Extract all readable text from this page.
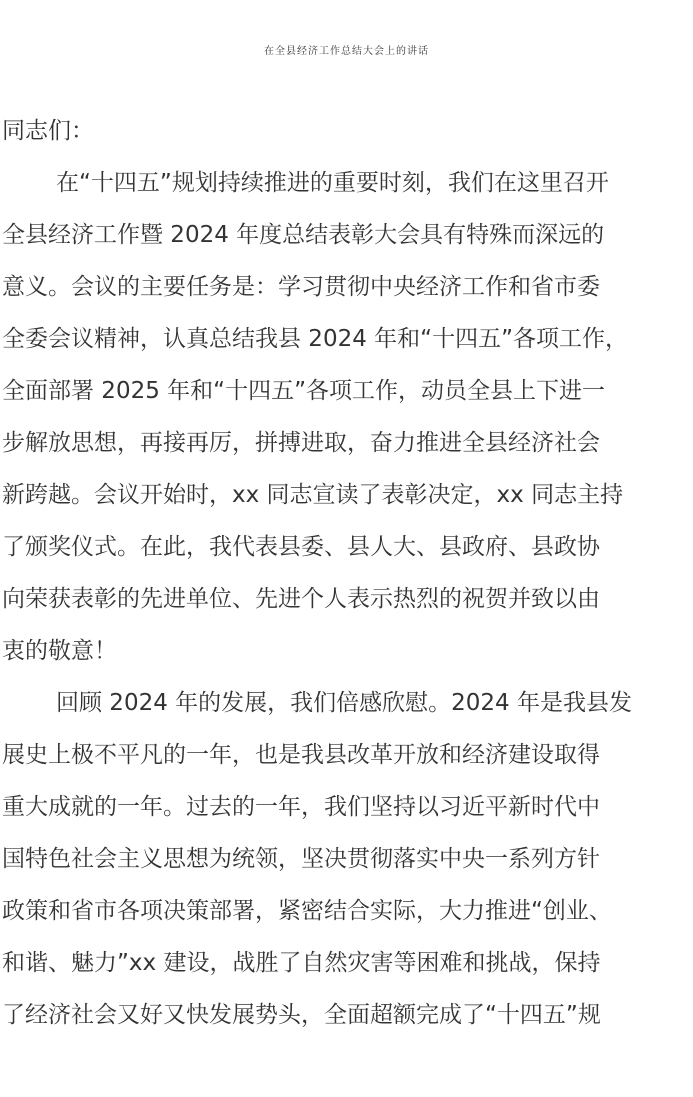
在全县经济工作总结大会上的讲话
同志们：
在“十四五”规划持续推进的重要时刻，我们在这里召开
全县经济工作暨 2024 年度总结表彰大会具有特殊而深远的
意义。会议的主要任务是：学习贯彻中央经济工作和省市委
全委会议精神，认真总结我县 2024 年和“十四五”各项工作，
全面部署 2025 年和“十四五”各项工作，动员全县上下进一
步解放思想，再接再厉，拼搏进取，奋力推进全县经济社会
新跨越。会议开始时，xx 同志宣读了表彰决定，xx 同志主持
了颁奖仪式。在此，我代表县委、县人大、县政府、县政协
向荣获表彰的先进单位、先进个人表示热烈的祝贺并致以由
衷的敬意！
回顾 2024 年的发展，我们倍感欣慰。2024 年是我县发
展史上极不平凡的一年，也是我县改革开放和经济建设取得
重大成就的一年。过去的一年，我们坚持以习近平新时代中
国特色社会主义思想为统领，坚决贯彻落实中央一系列方针
政策和省市各项决策部署，紧密结合实际，大力推进“创业、
和谐、魅力”xx 建设，战胜了自然灾害等困难和挑战，保持
了经济社会又好又快发展势头，全面超额完成了“十四五”规
